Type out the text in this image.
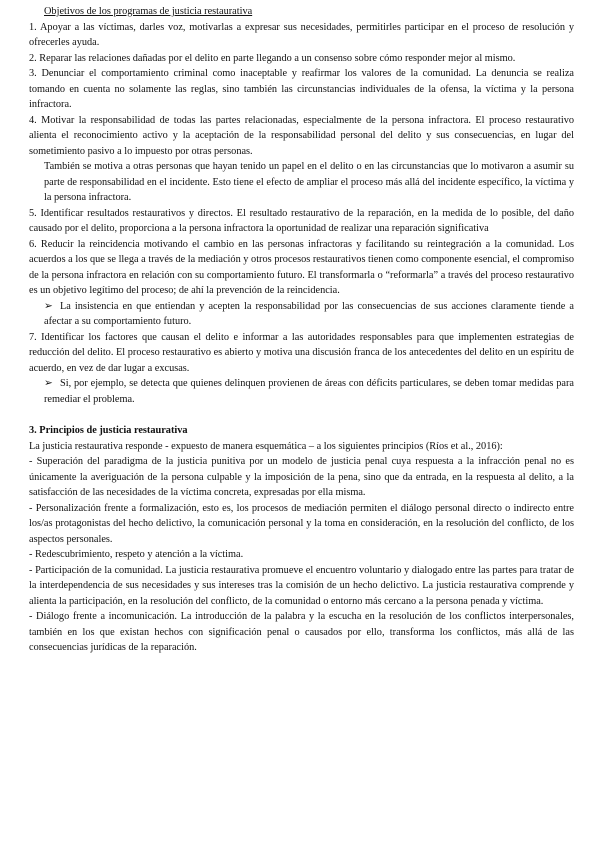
Objetivos de los programas de justicia restaurativa

1. Apoyar a las víctimas, darles voz, motivarlas a expresar sus necesidades, permitirles participar en el proceso de resolución y ofrecerles ayuda.

2. Reparar las relaciones dañadas por el delito en parte llegando a un consenso sobre cómo responder mejor al mismo.

3. Denunciar el comportamiento criminal como inaceptable y reafirmar los valores de la comunidad. La denuncia se realiza tomando en cuenta no solamente las reglas, sino también las circunstancias individuales de la ofensa, la víctima y la persona infractora.

4. Motivar la responsabilidad de todas las partes relacionadas, especialmente de la persona infractora. El proceso restaurativo alienta el reconocimiento activo y la aceptación de la responsabilidad personal del delito y sus consecuencias, en lugar del sometimiento pasivo a lo impuesto por otras personas.

También se motiva a otras personas que hayan tenido un papel en el delito o en las circunstancias que lo motivaron a asumir su parte de responsabilidad en el incidente. Esto tiene el efecto de ampliar el proceso más allá del incidente específico, la víctima y la persona infractora.

5. Identificar resultados restaurativos y directos. El resultado restaurativo de la reparación, en la medida de lo posible, del daño causado por el delito, proporciona a la persona infractora la oportunidad de realizar una reparación significativa

6. Reducir la reincidencia motivando el cambio en las personas infractoras y facilitando su reintegración a la comunidad. Los acuerdos a los que se llega a través de la mediación y otros procesos restaurativos tienen como componente esencial, el compromiso de la persona infractora en relación con su comportamiento futuro. El transformarla o “reformarla” a través del proceso restaurativo es un objetivo legítimo del proceso; de ahí la prevención de la reincidencia.

➢ La insistencia en que entiendan y acepten la responsabilidad por las consecuencias de sus acciones claramente tiende a afectar a su comportamiento futuro.

7. Identificar los factores que causan el delito e informar a las autoridades responsables para que implementen estrategias de reducción del delito. El proceso restaurativo es abierto y motiva una discusión franca de los antecedentes del delito en un espíritu de acuerdo, en vez de dar lugar a excusas.

➢ Si, por ejemplo, se detecta que quienes delinquen provienen de áreas con déficits particulares, se deben tomar medidas para remediar el problema.

3. Principios de justicia restaurativa

La justicia restaurativa responde - expuesto de manera esquemática – a los siguientes principios (Ríos et al., 2016):

- Superación del paradigma de la justicia punitiva por un modelo de justicia penal cuya respuesta a la infracción penal no es únicamente la averiguación de la persona culpable y la imposición de la pena, sino que da entrada, en la respuesta al delito, a la satisfacción de las necesidades de la víctima concreta, expresadas por ella misma.

- Personalización frente a formalización, esto es, los procesos de mediación permiten el diálogo personal directo o indirecto entre los/as protagonistas del hecho delictivo, la comunicación personal y la toma en consideración, en la resolución del conflicto, de los aspectos personales.

- Redescubrimiento, respeto y atención a la víctima.

- Participación de la comunidad. La justicia restaurativa promueve el encuentro voluntario y dialogado entre las partes para tratar de la interdependencia de sus necesidades y sus intereses tras la comisión de un hecho delictivo. La justicia restaurativa comprende y alienta la participación, en la resolución del conflicto, de la comunidad o entorno más cercano a la persona penada y víctima.

- Diálogo frente a incomunicación. La introducción de la palabra y la escucha en la resolución de los conflictos interpersonales, también en los que existan hechos con significación penal o causados por ello, transforma los conflictos, más allá de las consecuencias jurídicas de la reparación.
